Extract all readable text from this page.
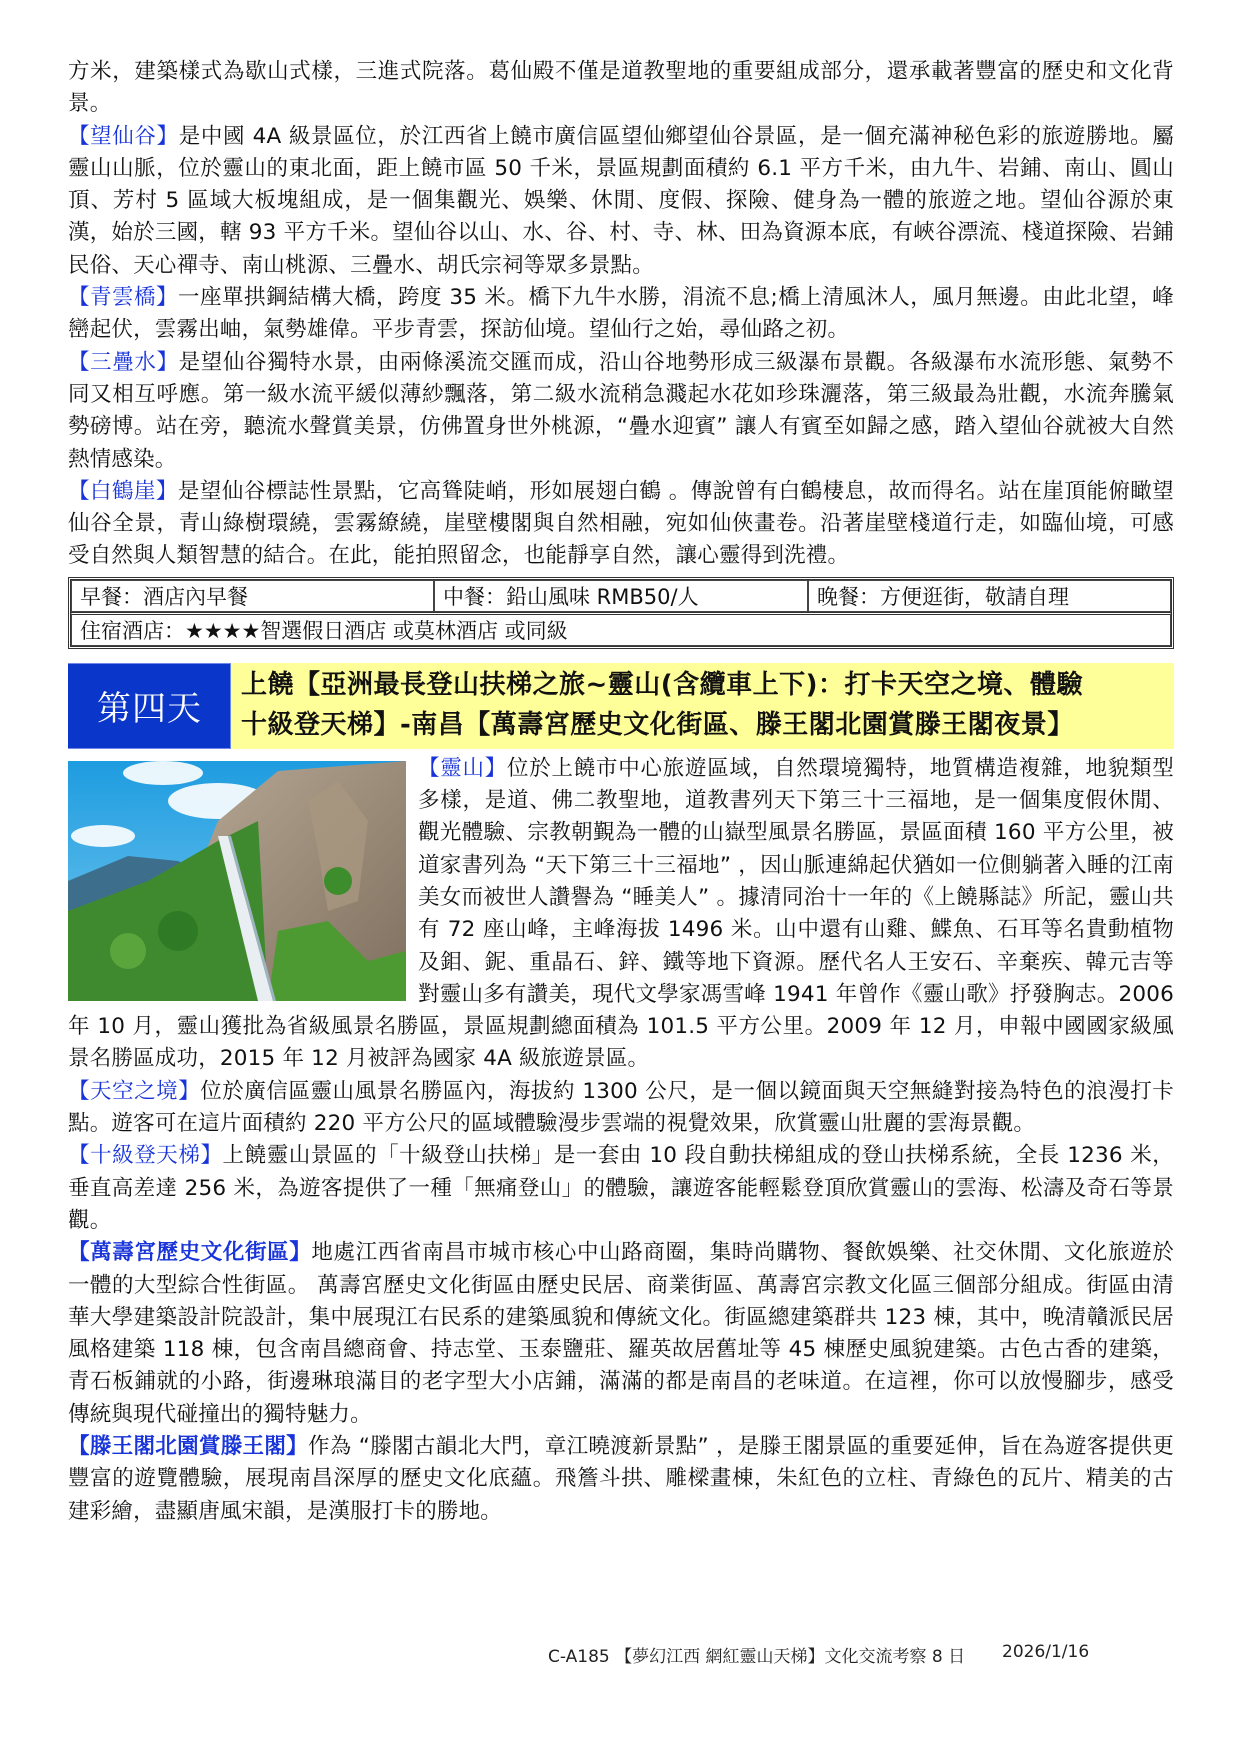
方米，建築樣式為歇山式樣，三進式院落。葛仙殿不僅是道教聖地的重要組成部分，還承載著豐富的歷史和文化背景。

【望仙谷】是中國 4A 級景區位，於江西省上饒市廣信區望仙鄉望仙谷景區，是一個充滿神秘色彩的旅遊勝地。屬靈山山脈，位於靈山的東北面，距上饒市區 50 千米，景區規劃面積約 6.1 平方千米，由九牛、岩鋪、南山、圓山頂、芳村 5 區域大板塊組成，是一個集觀光、娛樂、休閒、度假、探險、健身為一體的旅遊之地。望仙谷源於東漢，始於三國，轄 93 平方千米。望仙谷以山、水、谷、村、寺、林、田為資源本底，有峽谷漂流、棧道探險、岩鋪民俗、天心禪寺、南山桃源、三疊水、胡氏宗祠等眾多景點。

【青雲橋】一座單拱鋼結構大橋，跨度 35 米。橋下九牛水勝，涓流不息;橋上清風沐人，風月無邊。由此北望，峰巒起伏，雲霧出岫，氣勢雄偉。平步青雲，探訪仙境。望仙行之始，尋仙路之初。

【三疊水】是望仙谷獨特水景，由兩條溪流交匯而成，沿山谷地勢形成三級瀑布景觀。各級瀑布水流形態、氣勢不同又相互呼應。第一級水流平緩似薄紗飄落，第二級水流稍急濺起水花如珍珠灑落，第三級最為壯觀，水流奔騰氣勢磅博。站在旁，聽流水聲賞美景，仿佛置身世外桃源，“疊水迎賓” 讓人有賓至如歸之感，踏入望仙谷就被大自然熱情感染。

【白鶴崖】是望仙谷標誌性景點，它高聳陡峭，形如展翅白鶴 。傳說曾有白鶴棲息，故而得名。站在崖頂能俯瞰望仙谷全景，青山綠樹環繞，雲霧繚繞，崖壁樓閣與自然相融，宛如仙俠畫卷。沿著崖壁棧道行走，如臨仙境，可感受自然與人類智慧的結合。在此，能拍照留念，也能靜享自然，讓心靈得到洗禮。

早餐：酒店內早餐	中餐：鉛山風味 RMB50/人	晚餐：方便逛街，敬請自理
住宿酒店：★★★★智選假日酒店 或莫林酒店 或同級
第四天
上饒【亞洲最長登山扶梯之旅~靈山(含纜車上下)：打卡天空之境、體驗
十級登天梯】-南昌【萬壽宮歷史文化街區、滕王閣北園賞滕王閣夜景】

【靈山】位於上饒市中心旅遊區域，自然環境獨特，地質構造複雜，地貌類型多樣，是道、佛二教聖地，道教書列天下第三十三福地，是一個集度假休閒、觀光體驗、宗教朝覲為一體的山嶽型風景名勝區，景區面積 160 平方公里，被道家書列為 “天下第三十三福地” ，因山脈連綿起伏猶如一位側躺著入睡的江南美女而被世人讚譽為 “睡美人” 。據清同治十一年的《上饒縣誌》所記，靈山共有 72 座山峰，主峰海拔 1496 米。山中還有山雞、鰈魚、石耳等名貴動植物及鉬、鈮、重晶石、鋅、鐵等地下資源。歷代名人王安石、辛棄疾、韓元吉等對靈山多有讚美，現代文學家馮雪峰 1941 年曾作《靈山歌》抒發胸志。2006 年 10 月，靈山獲批為省級風景名勝區，景區規劃總面積為 101.5 平方公里。2009 年 12 月，申報中國國家級風景名勝區成功，2015 年 12 月被評為國家 4A 級旅遊景區。

【天空之境】位於廣信區靈山風景名勝區內，海拔約 1300 公尺，是一個以鏡面與天空無縫對接為特色的浪漫打卡點。遊客可在這片面積約 220 平方公尺的區域體驗漫步雲端的視覺效果，欣賞靈山壯麗的雲海景觀。

【十級登天梯】上饒靈山景區的「十級登山扶梯」是一套由 10 段自動扶梯組成的登山扶梯系統，全長 1236 米，垂直高差達 256 米，為遊客提供了一種「無痛登山」的體驗，讓遊客能輕鬆登頂欣賞靈山的雲海、松濤及奇石等景觀。

【萬壽宮歷史文化街區】地處江西省南昌市城市核心中山路商圈，集時尚購物、餐飲娛樂、社交休閒、文化旅遊於一體的大型綜合性街區。 萬壽宮歷史文化街區由歷史民居、商業街區、萬壽宮宗教文化區三個部分組成。街區由清華大學建築設計院設計，集中展現江右民系的建築風貌和傳統文化。街區總建築群共 123 棟，其中，晚清贛派民居風格建築 118 棟，包含南昌總商會、持志堂、玉泰鹽莊、羅英故居舊址等 45 棟歷史風貌建築。古色古香的建築，青石板鋪就的小路，街邊琳琅滿目的老字型大小店鋪，滿滿的都是南昌的老味道。在這裡，你可以放慢腳步，感受傳統與現代碰撞出的獨特魅力。

【滕王閣北園賞滕王閣】作為 “滕閣古韻北大門，章江曉渡新景點” ，是滕王閣景區的重要延伸，旨在為遊客提供更豐富的遊覽體驗，展現南昌深厚的歷史文化底蘊。飛簷斗拱、雕樑畫棟，朱紅色的立柱、青綠色的瓦片、精美的古建彩繪，盡顯唐風宋韻，是漢服打卡的勝地。

C-A185 【夢幻江西 網紅靈山天梯】文化交流考察 8 日 2026/1/16
